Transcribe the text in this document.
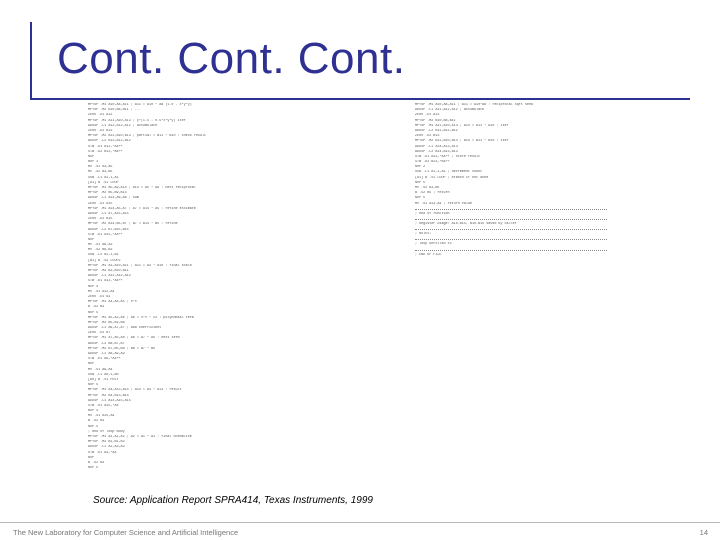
Cont. Cont. Cont.
MPYSP .M1 A10,A8,A11 ; A11 = A10 * A8 (1.0 - x*y*y)
MPYSP .M2 B10,B8,B11 ; ...
ZERO .D1 A12
MPYSP .M1 A11,A10,A13 ; y*(1.5 - 0.5*x*y*y) iter
ADDSP .L1 A13,A12,A12 ; accumulate
ZERO .D2 B12
MPYSP .M2 B11,B10,B13 ; partial = B11 * B10 : check result
ADDSP .L2 B13,B12,B12
STW .D1 A12,*A4++
STW .D2 B12,*B4++
NOP
NOP 3
MV .S1 A3,A5
MV .S2 B3,B5
SUB .L1 A1,1,A1
[A1] B .S1 LOOP
MPYSP .M1 A5,A9,A14 ; A14 = A5 * A9 : next reciprocal
MPYSP .M2 B5,B9,B14
ADDSP .L1 A14,A6,A6 ; sum
ZERO .D1 A15
MPYSP .M1 A14,A5,A7 ; A7 = A14 * A5 : refine estimate
ADDSP .L1 A7,A15,A15
ZERO .D2 B15
MPYSP .M2 B14,B5,B7 ; B7 = B14 * B5 : refine
ADDSP .L2 B7,B15,B15
STW .D1 A15,*A4++
NOP
MV .S1 A6,A3
MV .S2 B6,B3
SUB .L2 B1,1,B1
[B1] B .S2 LOOP2
MPYSP .M1 A3,A10,A11 ; A11 = A3 * A10 : final scale
MPYSP .M2 B3,B10,B11
ADDSP .L1 A11,A12,A12
STW .D1 A12,*A4++
NOP 4
MV .S1 A12,A4
ZERO .D1 A1
MPYSP .M1 A4,A4,A5 ; x*x
B .S2 B3
NOP 5
MPYSP .M1 A5,A2,A6 ; A6 = x*x * c2 : polynomial term
MPYSP .M2 B5,B2,B6
ADDSP .L1 A6,A7,A7 ; add coefficient
ZERO .D2 B7
MPYSP .M1 A7,A5,A8 ; A8 = A7 * A5 : next term
ADDSP .L2 B8,B7,B7
MPYSP .M2 B7,B5,B8 ; B8 = B7 * B5
ADDSP .L1 A8,A9,A9
STW .D1 A9,*A4++
NOP
MV .S1 A9,A4
SUB .L1 A0,1,A0
[A0] B .S1 POLY
NOP 5
MPYSP .M1 A4,A13,A14 ; A14 = A4 * A13 : result
MPYSP .M2 B4,B13,B14
ADDSP .L1 A14,A15,A15
STW .D1 A15,*A4
NOP 4
MV .S1 A15,A4
B .S2 B3
NOP 5
; end of loop body
MPYSP .M1 A1,A1,A2 ; A2 = A1 * A1 : final normalise
MPYSP .M2 B1,B1,B2
ADDSP .L1 A2,A3,A3
STW .D1 A3,*A4
NOP
B .S2 B3
NOP 5
MPYSP .M1 A10,A8,A11 ; A11 = A10*A8 : reciprocal sqrt seed
ADDSP .L1 A11,A12,A12 ; accumulate
ZERO .D1 A13
MPYSP .M2 B10,B8,B11
MPYSP .M1 A11,A10,A14 ; A14 = A11 * A10 : iter
ADDSP .L2 B11,B12,B12
ZERO .D2 B13
MPYSP .M2 B11,B10,B14 ; B14 = B11 * B10 : iter
ADDSP .L1 A14,A13,A13
ADDSP .L2 B14,B13,B13
STW .D1 A13,*A4++ ; store result
STW .D2 B13,*B4++
NOP 2
SUB .L1 A1,1,A1 ; decrement count
[A1] B .S1 LOOP ; branch if not done
NOP 5
MV .S2 B3,B5
B .S2 B5 ; return
NOP 5
MV .S1 A13,A4 ; return value
; end of function
; Register usage: A10-A15, B10-B15 saved by caller
; NOTES:
; loop unrolled x2
; END OF FILE
Source: Application Report SPRA414, Texas Instruments, 1999
The New Laboratory for Computer Science and Artificial Intelligence	14
